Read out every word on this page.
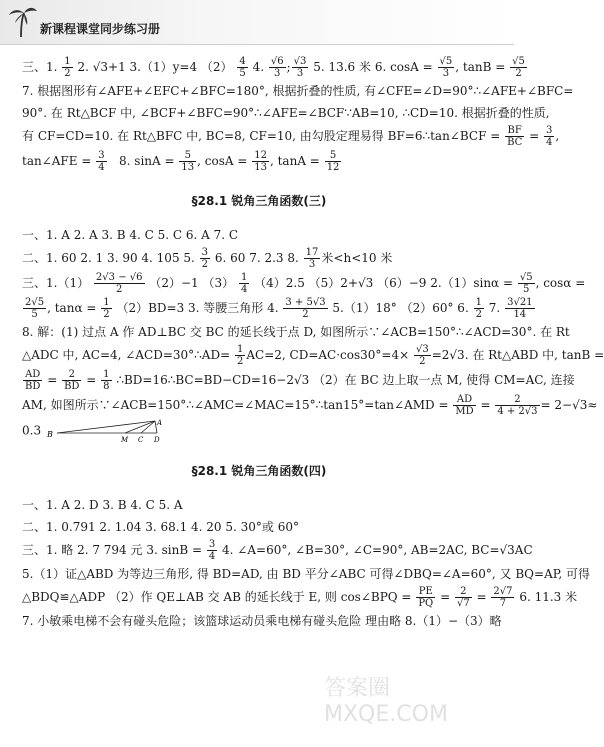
新课程课堂同步练习册
三、1. $\frac{1}{2} 2$. √3+1 3.（1）y=4 $(2) \frac{4}{5} 4$. $\frac{√6}{3}$ ; $\frac{√3}{3} 5$. 13.6 米 6. $\cos A = \frac{√5}{3}$ , $\tan B = \frac{√5}{2}$
7. 根据图形有∠AFE+∠EFC+∠BFC=180°, 根据折叠的性质, 有∠CFE=∠D=90°∴∠AFE+∠BFC=
90°. 在 Rt△BCF 中, ∠BCF+∠BFC=90°∴∠AFE=∠BCF∵AB=10, ∴CD=10. 根据折叠的性质,
有 CF=CD=10. 在 Rt△BFC 中, BC=8, CF=10, 由勾股定理易得 BF=6∴tan∠BCF = $\frac{BF}{BC} = \frac{3}{4}$ ,
tan∠AFE = $\frac{3}{4} 8$. $\sin A = \frac{5}{13}$ , $\cos A = \frac{12}{13}$ , $\tan A = \frac{5}{12}$
§28.1 锐角三角函数(三)
一、1. A 2. A 3. B 4. C 5. C 6. A 7. C
二、1. 60 2. 1 3. 90 4. 105 5. $\frac{3}{2} 6$. 60 7. 2.3 8. $\frac{17}{3}$ 米<h<10 米
三、$1.(1) \frac{2√3 - √6}{2} (2)-1$ $(3) \frac{1}{4} (4)2.5$ （5）2+√3 （6）−9 $2.(1)\sin\alpha = \frac{√5}{5}$ , cosα =
$\frac{2√5}{5}$ , $\tan\alpha = \frac{1}{2} (2)BD=3$ 3. 等腰三角形 4. $\frac{3 + 5√3}{2} 5.(1)18^\circ$ （2）60° 6. $\frac{1}{2} 7$. $\frac{3√21}{14}$
8. 解：(1) 过点 A 作 AD⊥BC 交 BC 的延长线于点 D, 如图所示∵∠ACB=150°∴∠ACD=30°. 在 Rt
△ADC 中, AC=4, ∠ACD=30°∴AD= $\frac{1}{2} AC=2$, $CD=AC\cdot\cos 30^\circ=4\times \frac{√3}{2} =2√3$. 在 Rt△ABD 中, tanB =
$\frac{AD}{BD} = \frac{2}{BD} = \frac{1}{8}$ ∴BD=16∴BC=BD−CD=16−2√3 （2）在 BC 边上取一点 M, 使得 CM=AC, 连接
AM, 如图所示∵∠ACB=150°∴∠AMC=∠MAC=15°∴tan15°=tan∠AMD = $\frac{AD}{MD} = \frac{2}{4 + 2√3} = 2-√3\approx$
0.3 B
M C D
A
§28.1 锐角三角函数(四)
一、1. A 2. D 3. B 4. C 5. A
二、1. 0.791 2. 1.04 3. 68.1 4. 20 5. 30°或 60°
三、1. 略 2. 7 794 元 3. $\sin B = \frac{3}{4} 4$. ∠A=60°, ∠B=30°, ∠C=90°, AB=2AC, BC=√3AC
5.（1）证△ABD 为等边三角形, 得 BD=AD, 由 BD 平分∠ABC 可得∠DBQ=∠A=60°, 又 BQ=AP, 可得
△BDQ≌△ADP （2）作 QE⊥AB 交 AB 的延长线于 E, 则 cos∠BPQ = $\frac{PE}{PQ} = \frac{2}{√7} = \frac{2√7}{7} 6$. 11.3 米
7. 小敏乘电梯不会有碰头危险；该篮球运动员乘电梯有碰头危险 理由略 8.（1）−（3）略
答案圈 MXQE.COM
